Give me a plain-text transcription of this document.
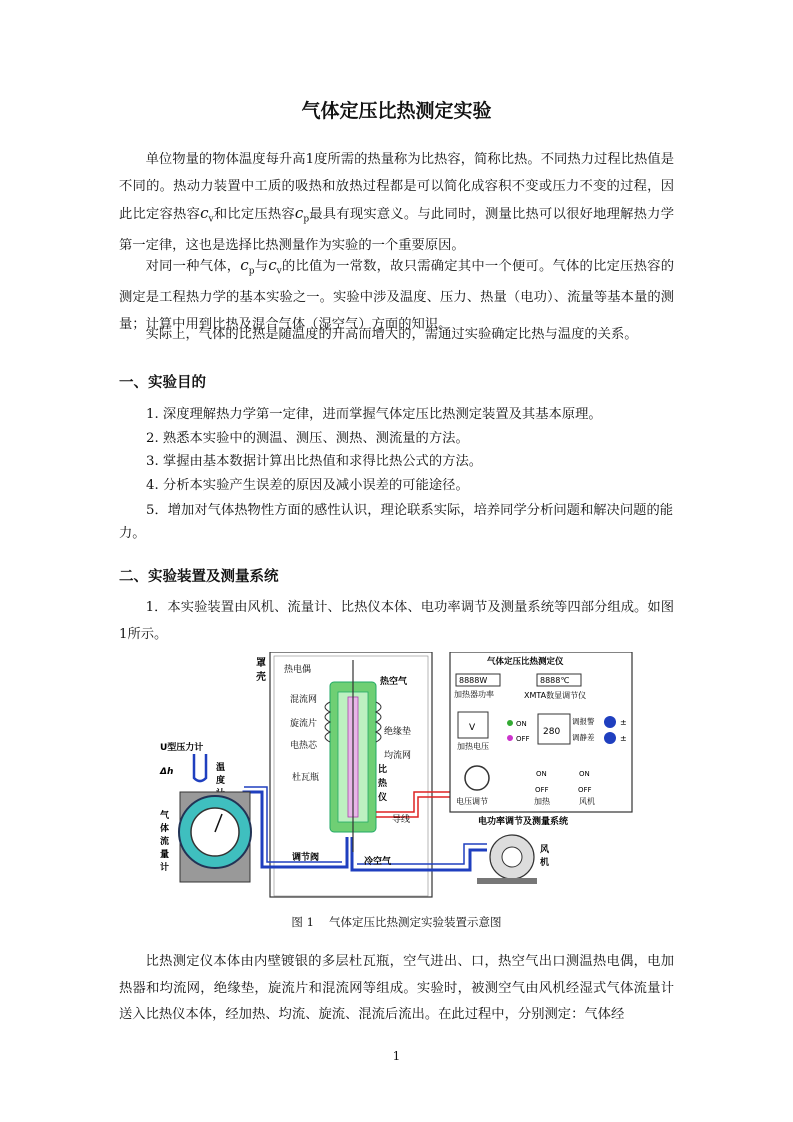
气体定压比热测定实验

单位物量的物体温度每升高1度所需的热量称为比热容，简称比热。不同热力过程比热值是不同的。热动力装置中工质的吸热和放热过程都是可以简化成容积不变或压力不变的过程，因此比定容热容$c_v$和比定压热容$c_p$最具有现实意义。与此同时，测量比热可以很好地理解热力学第一定律，这也是选择比热测量作为实验的一个重要原因。

对同一种气体，$c_p$与$c_v$的比值为一常数，故只需确定其中一个便可。气体的比定压热容的测定是工程热力学的基本实验之一。实验中涉及温度、压力、热量（电功）、流量等基本量的测量；计算中用到比热及混合气体（湿空气）方面的知识。

实际上，气体的比热是随温度的升高而增大的，需通过实验确定比热与温度的关系。

一、实验目的
1. 深度理解热力学第一定律，进而掌握气体定压比热测定装置及其基本原理。
2. 熟悉本实验中的测温、测压、测热、测流量的方法。
3. 掌握由基本数据计算出比热值和求得比热公式的方法。
4. 分析本实验产生误差的原因及减小误差的可能途径。
5．增加对气体热物性方面的感性认识，理论联系实际，培养同学分析问题和解决问题的能力。
二、实验装置及测量系统

1．本实验装置由风机、流量计、比热仪本体、电功率调节及测量系统等四部分组成。如图1所示。

罩
壳
热电偶
热空气
混流网
旋流片
电热芯
绝缘垫
均流网
杜瓦瓶
比
热
仪
导线
调节阀	冷空气
U型压力计
Δh	温
度
气
体
流
量
计
风
机
气体定压比热测定仪
8888W
加热器功率
8888℃
XMTA数显调节仪
V
加热电压
ON
OFF
280
调报警
调静差
±
±
电压调节
ON
OFF
加热
ON
OFF
风机
电功率调节及测量系统
图 1　 气体定压比热测定实验装置示意图

比热测定仪本体由内壁镀银的多层杜瓦瓶，空气进出、口，热空气出口测温热电偶，电加热器和均流网，绝缘垫，旋流片和混流网等组成。实验时，被测空气由风机经湿式气体流量计送入比热仪本体，经加热、均流、旋流、混流后流出。在此过程中，分别测定：气体经

1
